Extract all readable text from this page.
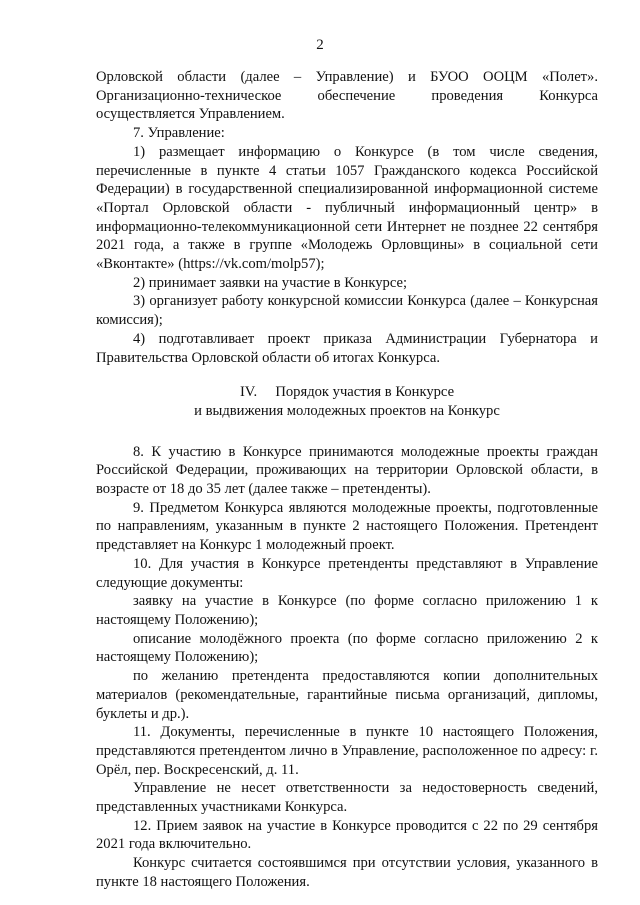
2

Орловской области (далее – Управление) и БУОО ООЦМ «Полет». Организационно-техническое обеспечение проведения Конкурса осуществляется Управлением.

7. Управление:

1) размещает информацию о Конкурсе (в том числе сведения, перечисленные в пункте 4 статьи 1057 Гражданского кодекса Российской Федерации) в государственной специализированной информационной системе «Портал Орловской области - публичный информационный центр» в информационно-телекоммуникационной сети Интернет не позднее 22 сентября 2021 года, а также в группе «Молодежь Орловщины» в социальной сети «Вконтакте» (https://vk.com/molp57);

2) принимает заявки на участие в Конкурсе;

3) организует работу конкурсной комиссии Конкурса (далее – Конкурсная комиссия);

4) подготавливает проект приказа Администрации Губернатора и Правительства Орловской области об итогах Конкурса.

IV.     Порядок участия в Конкурсе
и выдвижения молодежных проектов на Конкурс

8. К участию в Конкурсе принимаются молодежные проекты граждан Российской Федерации, проживающих на территории Орловской области, в возрасте от 18 до 35 лет (далее также – претенденты).

9. Предметом Конкурса являются молодежные проекты, подготовленные по направлениям, указанным в пункте 2 настоящего Положения. Претендент представляет на Конкурс 1 молодежный проект.

10. Для участия в Конкурсе претенденты представляют в Управление следующие документы:

заявку на участие в Конкурсе (по форме согласно приложению 1 к настоящему Положению);

описание молодёжного проекта (по форме согласно приложению 2 к настоящему Положению);

по желанию претендента предоставляются копии дополнительных материалов (рекомендательные, гарантийные письма организаций, дипломы, буклеты и др.).

11. Документы, перечисленные в пункте 10 настоящего Положения, представляются претендентом лично в Управление, расположенное по адресу: г. Орёл, пер. Воскресенский, д. 11.

Управление не несет ответственности за недостоверность сведений, представленных участниками Конкурса.

12. Прием заявок на участие в Конкурсе проводится с 22 по 29 сентября 2021 года включительно.

Конкурс считается состоявшимся при отсутствии условия, указанного в пункте 18 настоящего Положения.
